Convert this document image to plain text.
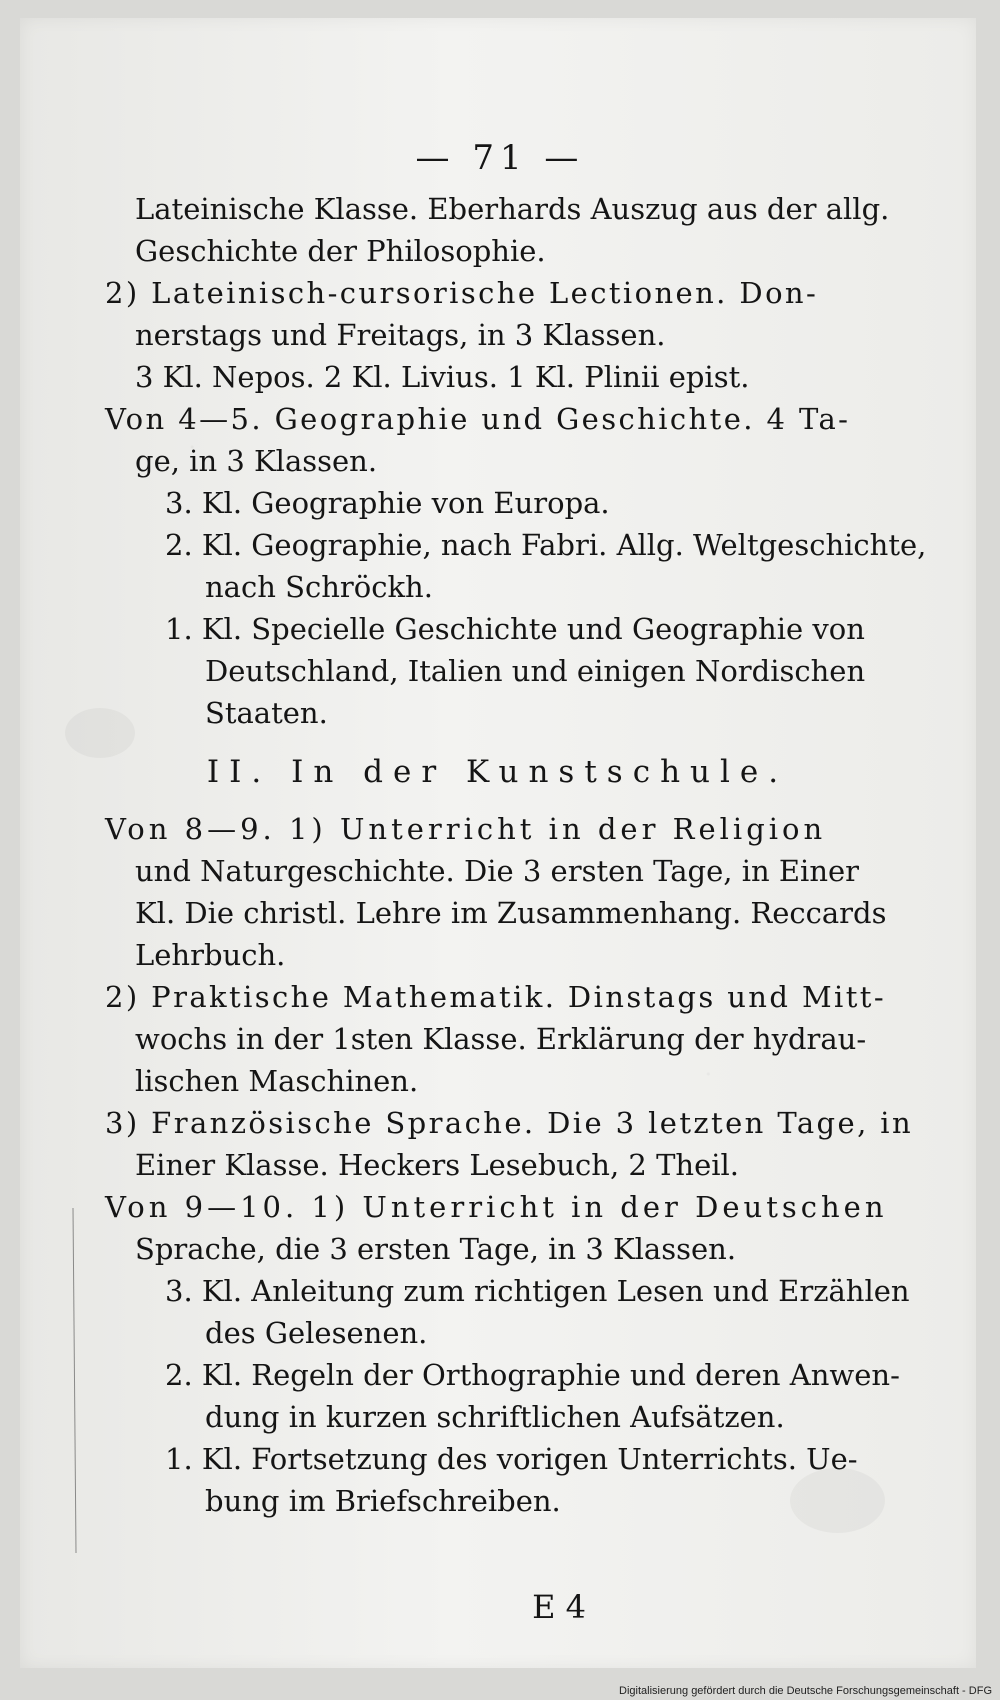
— 71 —
Lateinische Klasse. Eberhards Auszug aus der allg.
Geschichte der Philosophie.
2) Lateinisch-cursorische Lectionen. Don-
nerstags und Freitags, in 3 Klassen.
3 Kl. Nepos. 2 Kl. Livius. 1 Kl. Plinii epist.
Von 4—5. Geographie und Geschichte. 4 Ta-
ge, in 3 Klassen.
3. Kl. Geographie von Europa.
2. Kl. Geographie, nach Fabri. Allg. Weltgeschichte,
nach Schröckh.
1. Kl. Specielle Geschichte und Geographie von
Deutschland, Italien und einigen Nordischen
Staaten.
II. In der Kunstschule.
Von 8—9. 1) Unterricht in der Religion
und Naturgeschichte. Die 3 ersten Tage, in Einer
Kl. Die christl. Lehre im Zusammenhang. Reccards
Lehrbuch.
2) Praktische Mathematik. Dinstags und Mitt-
wochs in der 1sten Klasse. Erklärung der hydrau-
lischen Maschinen.
3) Französische Sprache. Die 3 letzten Tage, in
Einer Klasse. Heckers Lesebuch, 2 Theil.
Von 9—10. 1) Unterricht in der Deutschen
Sprache, die 3 ersten Tage, in 3 Klassen.
3. Kl. Anleitung zum richtigen Lesen und Erzählen
des Gelesenen.
2. Kl. Regeln der Orthographie und deren Anwen-
dung in kurzen schriftlichen Aufsätzen.
1. Kl. Fortsetzung des vorigen Unterrichts. Ue-
bung im Briefschreiben.
E 4
Digitalisierung gefördert durch die Deutsche Forschungsgemeinschaft - DFG
